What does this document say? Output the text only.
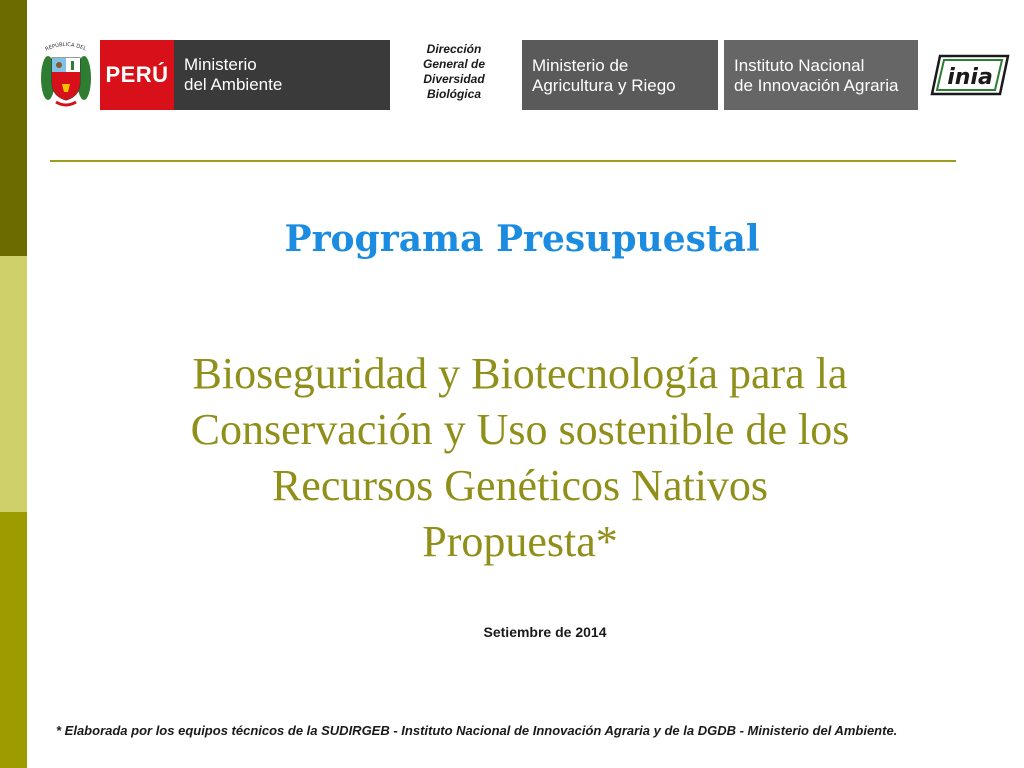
REPÚBLICA DEL
PERÚ Ministerio
del Ambiente
Dirección
General de
Diversidad
Biológica
Ministerio de
Agricultura y Riego
Instituto Nacional
de Innovación Agraria	inia
Programa Presupuestal
Bioseguridad y Biotecnología para la
Conservación y Uso sostenible de los
Recursos Genéticos Nativos
Propuesta*
Setiembre de 2014
* Elaborada por los equipos técnicos de la SUDIRGEB - Instituto Nacional de Innovación Agraria y de la DGDB - Ministerio del Ambiente.
